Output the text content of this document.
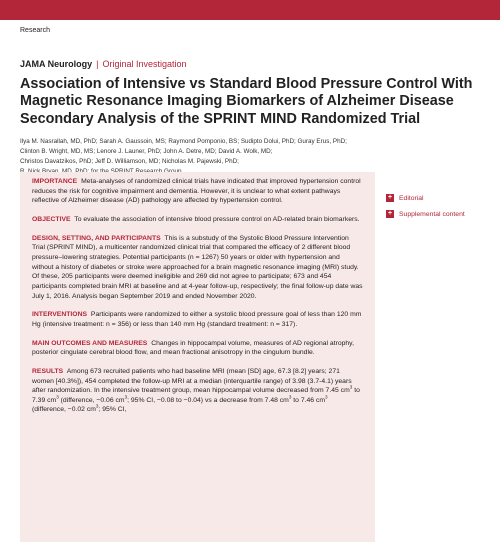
Research
JAMA Neurology | Original Investigation
Association of Intensive vs Standard Blood Pressure Control With Magnetic Resonance Imaging Biomarkers of Alzheimer Disease
Secondary Analysis of the SPRINT MIND Randomized Trial
Ilya M. Nasrallah, MD, PhD; Sarah A. Gaussoin, MS; Raymond Pomponio, BS; Sudipto Dolui, PhD; Guray Erus, PhD;
Clinton B. Wright, MD, MS; Lenore J. Launer, PhD; John A. Detre, MD; David A. Wolk, MD;
Christos Davatzikos, PhD; Jeff D. Williamson, MD; Nicholas M. Pajewski, PhD;
+ Editorial
+ Supplemental content

IMPORTANCE Meta-analyses of randomized clinical trials have indicated that improved hypertension control reduces the risk for cognitive impairment and dementia. However, it is unclear to what extent pathways reflective of Alzheimer disease (AD) pathology are affected by hypertension control.

OBJECTIVE To evaluate the association of intensive blood pressure control on AD-related brain biomarkers.

DESIGN, SETTING, AND PARTICIPANTS This is a substudy of the Systolic Blood Pressure Intervention Trial (SPRINT MIND), a multicenter randomized clinical trial that compared the efficacy of 2 different blood pressure–lowering strategies. Potential participants (n = 1267) 50 years or older with hypertension and without a history of diabetes or stroke were approached for a brain magnetic resonance imaging (MRI) study. Of these, 205 participants were deemed ineligible and 269 did not agree to participate; 673 and 454 participants completed brain MRI at baseline and at 4-year follow-up, respectively; the final follow-up date was July 1, 2016. Analysis began September 2019 and ended November 2020.

INTERVENTIONS Participants were randomized to either a systolic blood pressure goal of less than 120 mm Hg (intensive treatment: n = 356) or less than 140 mm Hg (standard treatment: n = 317).

MAIN OUTCOMES AND MEASURES Changes in hippocampal volume, measures of AD regional atrophy, posterior cingulate cerebral blood flow, and mean fractional anisotropy in the cingulum bundle.

RESULTS Among 673 recruited patients who had baseline MRI (mean [SD] age, 67.3 [8.2] years; 271 women [40.3%]), 454 completed the follow-up MRI at a median (interquartile range) of 3.98 (3.7-4.1) years after randomization. In the intensive treatment group, mean hippocampal volume decreased from 7.45 $cm^3$ to 7.39 $cm^3$ (difference, −0.06 $cm^3$; 95% CI, −0.08 to −0.04) vs a decrease from 7.48 $cm^3$ to 7.46 $cm^3$ (difference, −0.02 $cm^3$; 95% CI,
